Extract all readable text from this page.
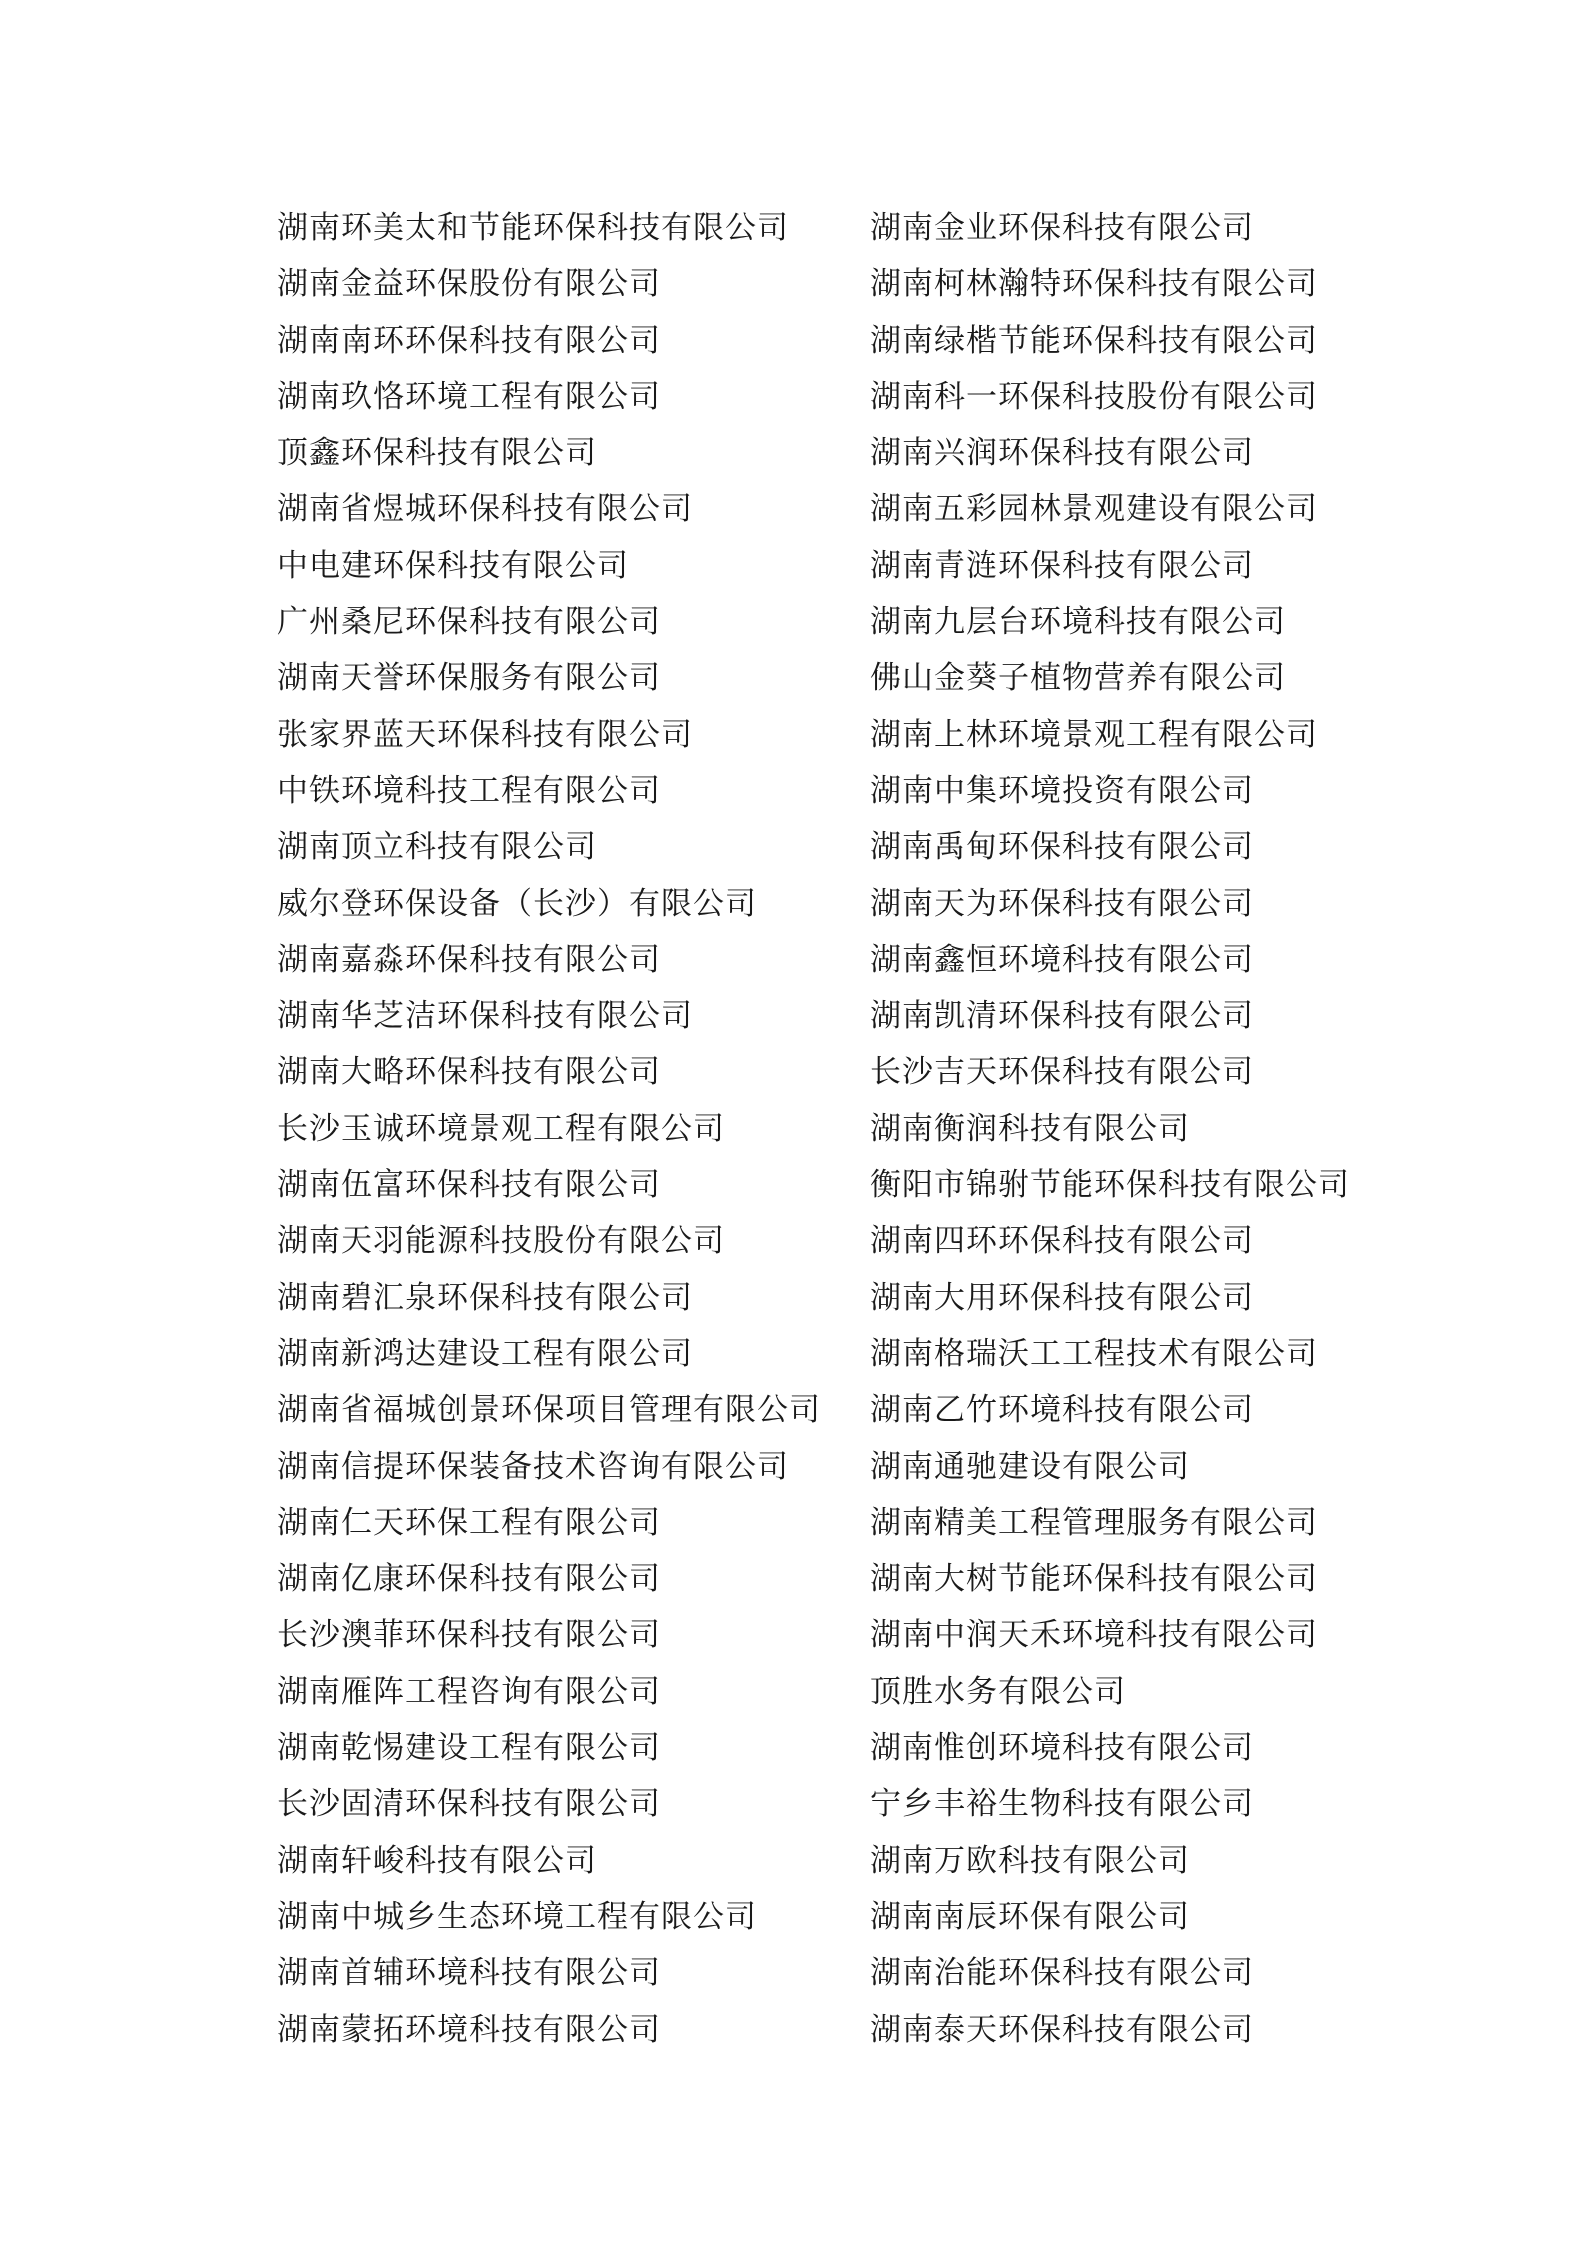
湖南环美太和节能环保科技有限公司
湖南金益环保股份有限公司
湖南南环环保科技有限公司
湖南玖恪环境工程有限公司
顶鑫环保科技有限公司
湖南省煜城环保科技有限公司
中电建环保科技有限公司
广州桑尼环保科技有限公司
湖南天誉环保服务有限公司
张家界蓝天环保科技有限公司
中铁环境科技工程有限公司
湖南顶立科技有限公司
威尔登环保设备（长沙）有限公司
湖南嘉淼环保科技有限公司
湖南华芝洁环保科技有限公司
湖南大略环保科技有限公司
长沙玉诚环境景观工程有限公司
湖南伍富环保科技有限公司
湖南天羽能源科技股份有限公司
湖南碧汇泉环保科技有限公司
湖南新鸿达建设工程有限公司
湖南省福城创景环保项目管理有限公司
湖南信提环保装备技术咨询有限公司
湖南仁天环保工程有限公司
湖南亿康环保科技有限公司
长沙澳菲环保科技有限公司
湖南雁阵工程咨询有限公司
湖南乾惕建设工程有限公司
长沙固清环保科技有限公司
湖南轩峻科技有限公司
湖南中城乡生态环境工程有限公司
湖南首辅环境科技有限公司
湖南蒙拓环境科技有限公司
湖南金业环保科技有限公司
湖南柯林瀚特环保科技有限公司
湖南绿楷节能环保科技有限公司
湖南科一环保科技股份有限公司
湖南兴润环保科技有限公司
湖南五彩园林景观建设有限公司
湖南青涟环保科技有限公司
湖南九层台环境科技有限公司
佛山金葵子植物营养有限公司
湖南上林环境景观工程有限公司
湖南中集环境投资有限公司
湖南禹甸环保科技有限公司
湖南天为环保科技有限公司
湖南鑫恒环境科技有限公司
湖南凯清环保科技有限公司
长沙吉天环保科技有限公司
湖南衡润科技有限公司
衡阳市锦驸节能环保科技有限公司
湖南四环环保科技有限公司
湖南大用环保科技有限公司
湖南格瑞沃工工程技术有限公司
湖南乙竹环境科技有限公司
湖南通驰建设有限公司
湖南精美工程管理服务有限公司
湖南大树节能环保科技有限公司
湖南中润天禾环境科技有限公司
顶胜水务有限公司
湖南惟创环境科技有限公司
宁乡丰裕生物科技有限公司
湖南万欧科技有限公司
湖南南辰环保有限公司
湖南治能环保科技有限公司
湖南泰天环保科技有限公司
